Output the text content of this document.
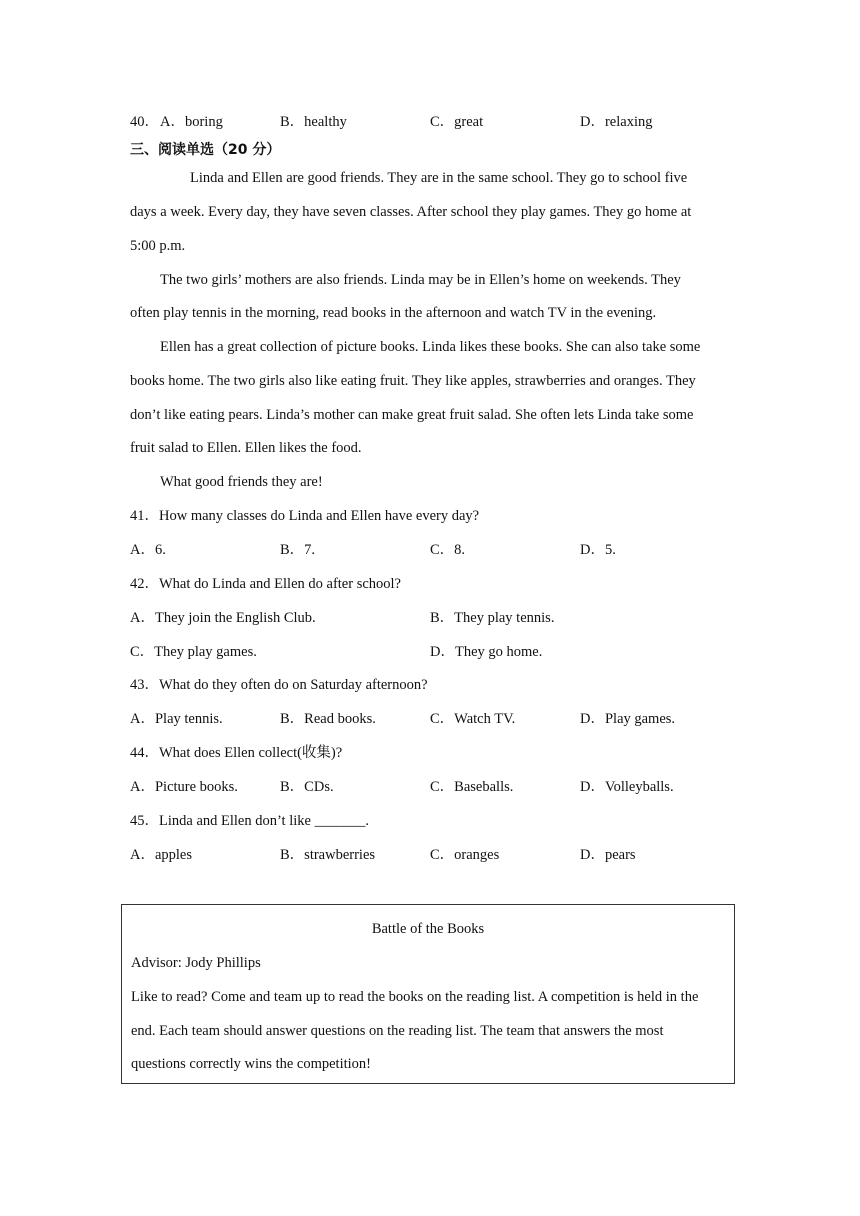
40． A．boring	B．healthy	C．great	D．relaxing
三、阅读单选（20 分）
Linda and Ellen are good friends. They are in the same school. They go to school five
days a week. Every day, they have seven classes. After school they play games. They go home at
5:00 p.m.
The two girls’ mothers are also friends. Linda may be in Ellen’s home on weekends. They
often play tennis in the morning, read books in the afternoon and watch TV in the evening.
Ellen has a great collection of picture books. Linda likes these books. She can also take some
books home. The two girls also like eating fruit. They like apples, strawberries and oranges. They
don’t like eating pears. Linda’s mother can make great fruit salad. She often lets Linda take some
fruit salad to Ellen. Ellen likes the food.
What good friends they are!
41．How many classes do Linda and Ellen have every day?
A．6.	B．7.	C．8.	D．5.
42．What do Linda and Ellen do after school?
A．They join the English Club.	B．They play tennis.
C．They play games.	D．They go home.
43．What do they often do on Saturday afternoon?
A．Play tennis.	B．Read books.	C．Watch TV.	D．Play games.
44．What does Ellen collect(收集)?
A．Picture books.	B．CDs.	C．Baseballs.	D．Volleyballs.
45．Linda and Ellen don’t like _______.
A．apples	B．strawberries	C．oranges	D．pears
Battle of the Books
Advisor: Jody Phillips
Like to read? Come and team up to read the books on the reading list. A competition is held in the
end. Each team should answer questions on the reading list. The team that answers the most
questions correctly wins the competition!
